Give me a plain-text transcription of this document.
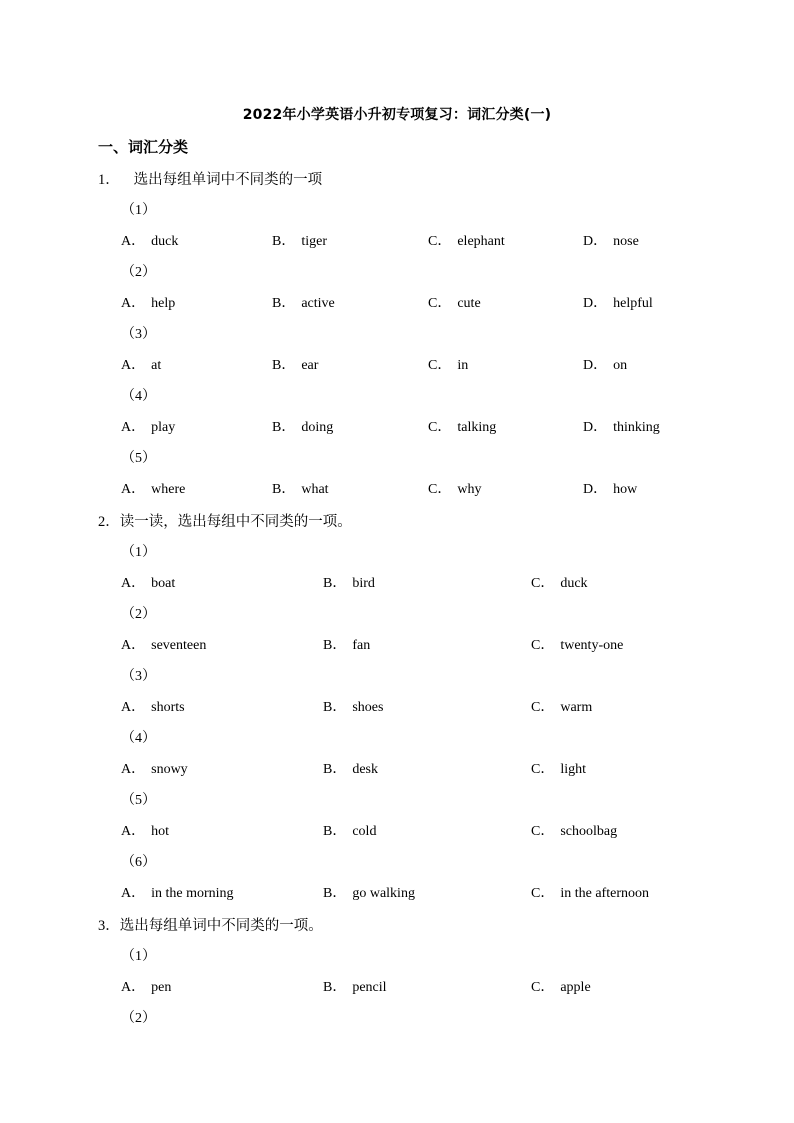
2022年小学英语小升初专项复习：词汇分类(一)
一、词汇分类
1．   选出每组单词中不同类的一项
（1）
A． duck	B． tiger	C． elephant	D． nose
（2）
A． help	B． active	C． cute	D． helpful
（3）
A． at	B． ear	C． in	D． on
（4）
A． play	B． doing	C． talking	D． thinking
（5）
A． where	B． what	C． why	D． how
2．读一读，选出每组中不同类的一项。
（1）
A． boat	B． bird	C． duck
（2）
A． seventeen	B． fan	C． twenty-one
（3）
A． shorts	B． shoes	C． warm
（4）
A． snowy	B． desk	C． light
（5）
A． hot	B． cold	C． schoolbag
（6）
A． in the morning	B． go walking	C． in the afternoon
3．选出每组单词中不同类的一项。
（1）
A． pen	B． pencil	C． apple
（2）
